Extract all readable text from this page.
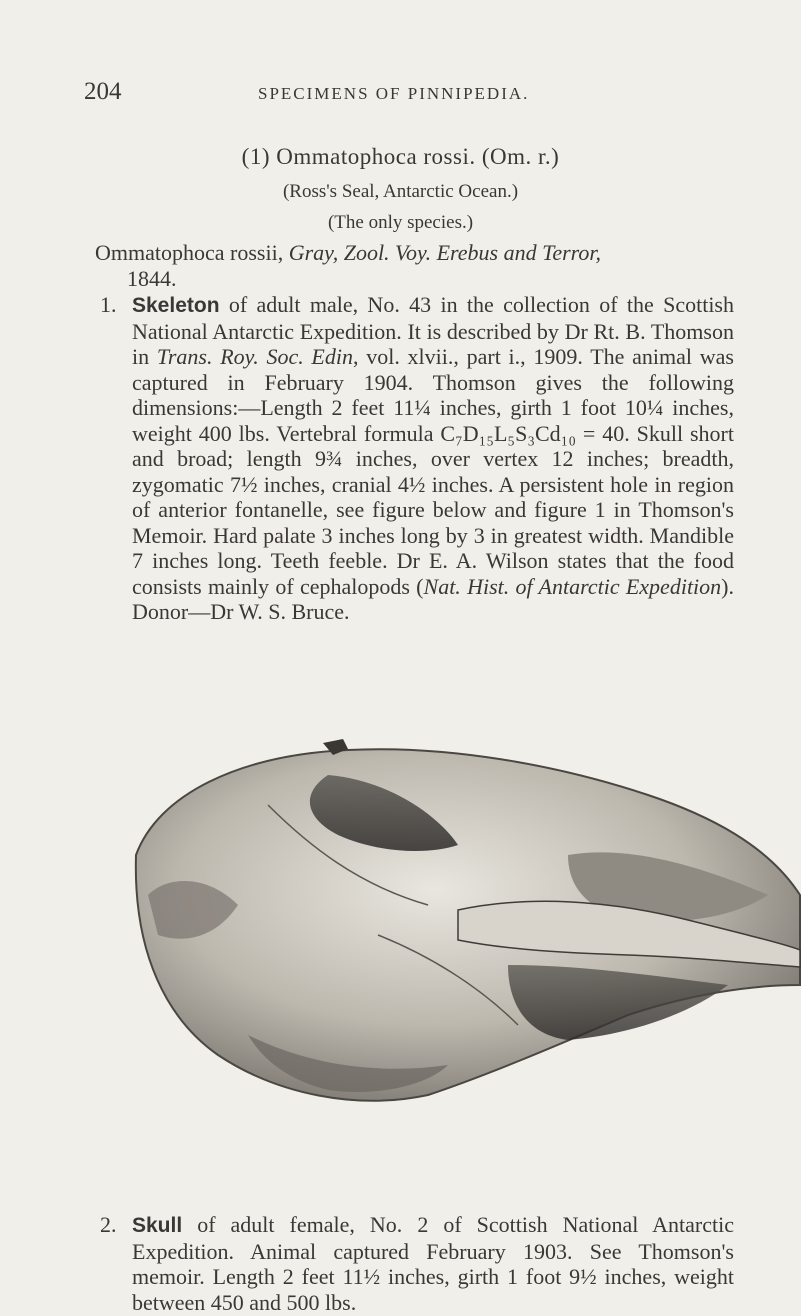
204	SPECIMENS OF PINNIPEDIA.
(1) Ommatophoca rossi. (Om. r.)
(Ross's Seal, Antarctic Ocean.)
(The only species.)
Ommatophoca rossii, Gray, Zool. Voy. Erebus and Terror,
1844.
1. Skeleton of adult male, No. 43 in the collection of the Scottish National Antarctic Expedition. It is described by Dr Rt. B. Thomson in Trans. Roy. Soc. Edin, vol. xlvii., part i., 1909. The animal was captured in February 1904. Thomson gives the following dimensions:—Length 2 feet 11¼ inches, girth 1 foot 10¼ inches, weight 400 lbs. Vertebral formula C₇D₁₅L₅S₃Cd₁₀ = 40. Skull short and broad; length 9¾ inches, over vertex 12 inches; breadth, zygomatic 7½ inches, cranial 4½ inches. A persistent hole in region of anterior fontanelle, see figure below and figure 1 in Thomson's Memoir. Hard palate 3 inches long by 3 in greatest width. Mandible 7 inches long. Teeth feeble. Dr E. A. Wilson states that the food consists mainly of cephalopods (Nat. Hist. of Antarctic Expedition). Donor—Dr W. S. Bruce.
2. Skull of adult female, No. 2 of Scottish National Antarctic Expedition. Animal captured February 1903. See Thomson's memoir. Length 2 feet 11½ inches, girth 1 foot 9½ inches, weight between 450 and 500 lbs.
